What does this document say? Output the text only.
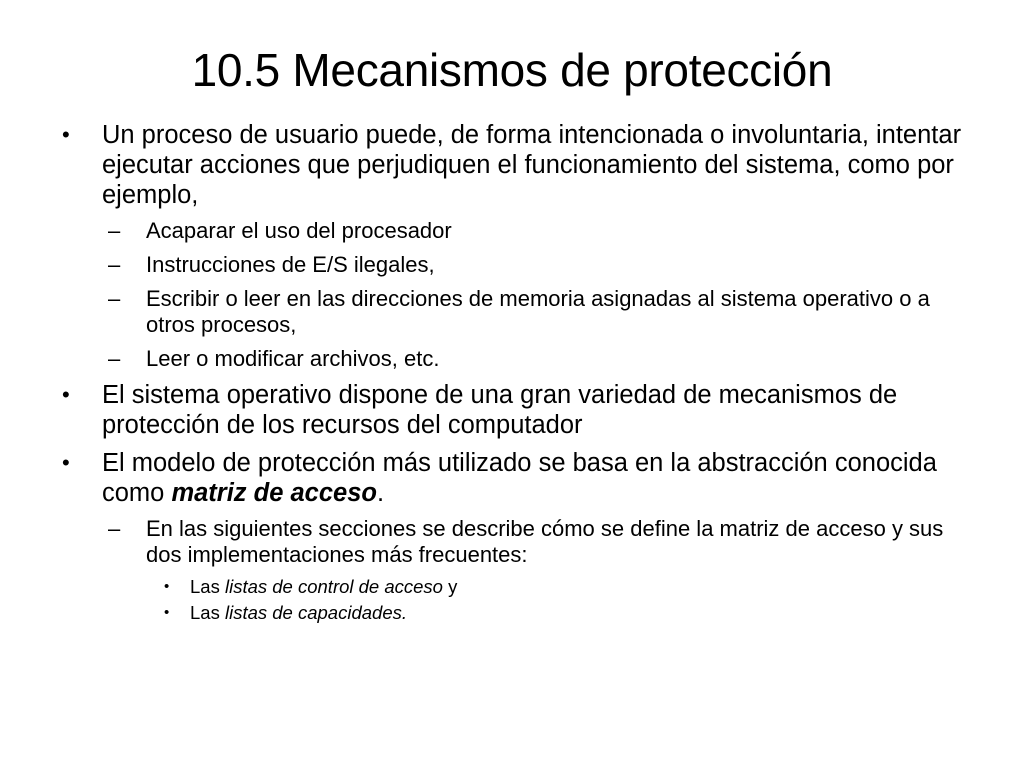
10.5 Mecanismos de protección
•	Un proceso de usuario puede, de forma intencionada o involuntaria, intentar ejecutar acciones que perjudiquen el funcionamiento del sistema, como por ejemplo,
– Acaparar el uso del procesador
– Instrucciones de E/S ilegales,
– Escribir o leer en las direcciones de memoria asignadas al sistema operativo o a otros procesos,
– Leer o modificar archivos, etc.
•	El sistema operativo dispone de una gran variedad de mecanismos de protección de los recursos del computador
•	El modelo de protección más utilizado se basa en la abstracción conocida como matriz de acceso.
– En las siguientes secciones se describe cómo se define la matriz de acceso y sus dos implementaciones más frecuentes:
• Las listas de control de acceso y
• Las listas de capacidades.
